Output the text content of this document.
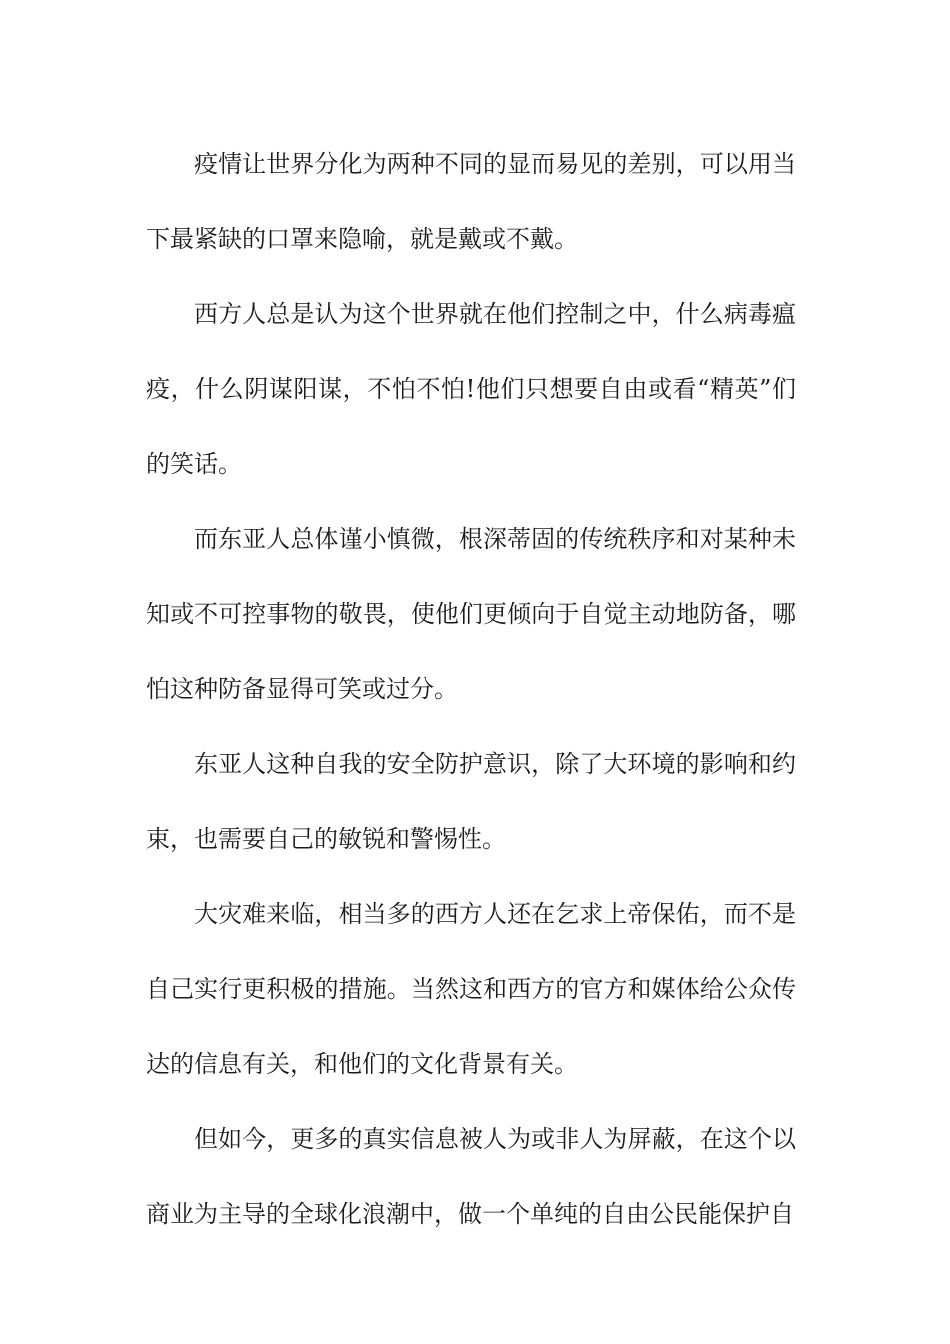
疫情让世界分化为两种不同的显而易见的差别，可以用当下最紧缺的口罩来隐喻，就是戴或不戴。

西方人总是认为这个世界就在他们控制之中，什么病毒瘟疫，什么阴谋阳谋，不怕不怕!他们只想要自由或看“精英”们的笑话。

而东亚人总体谨小慎微，根深蒂固的传统秩序和对某种未知或不可控事物的敬畏，使他们更倾向于自觉主动地防备，哪怕这种防备显得可笑或过分。

东亚人这种自我的安全防护意识，除了大环境的影响和约束，也需要自己的敏锐和警惕性。

大灾难来临，相当多的西方人还在乞求上帝保佑，而不是自己实行更积极的措施。当然这和西方的官方和媒体给公众传达的信息有关，和他们的文化背景有关。

但如今，更多的真实信息被人为或非人为屏蔽，在这个以商业为主导的全球化浪潮中，做一个单纯的自由公民能保护自
